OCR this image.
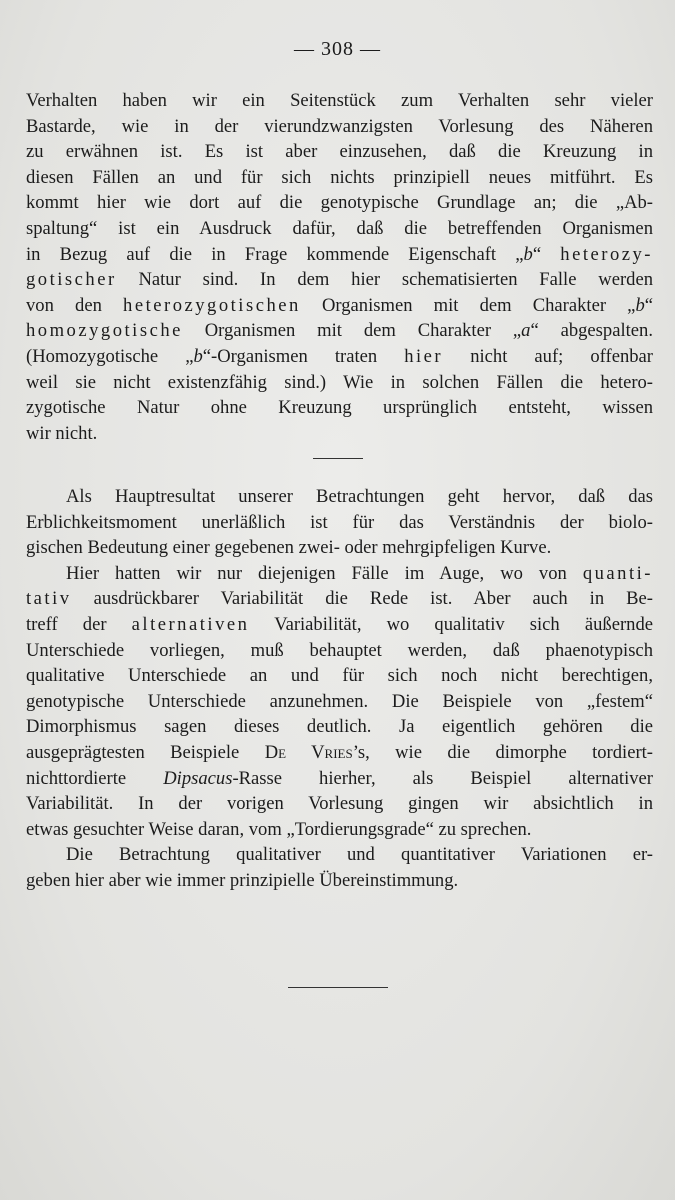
— 308 —
Verhalten haben wir ein Seitenstück zum Verhalten sehr vieler
Bastarde, wie in der vierundzwanzigsten Vorlesung des Näheren
zu erwähnen ist. Es ist aber einzusehen, daß die Kreuzung in
diesen Fällen an und für sich nichts prinzipiell neues mitführt. Es
kommt hier wie dort auf die genotypische Grundlage an; die „Ab-
spaltung“ ist ein Ausdruck dafür, daß die betreffenden Organismen
in Bezug auf die in Frage kommende Eigenschaft „b“ heterozy-
gotischer Natur sind. In dem hier schematisierten Falle werden
von den heterozygotischen Organismen mit dem Charakter „b“
homozygotische Organismen mit dem Charakter „a“ abgespalten.
(Homozygotische „b“-Organismen traten hier nicht auf; offenbar
weil sie nicht existenzfähig sind.) Wie in solchen Fällen die hetero-
zygotische Natur ohne Kreuzung ursprünglich entsteht, wissen
wir nicht.
Als Hauptresultat unserer Betrachtungen geht hervor, daß das
Erblichkeitsmoment unerläßlich ist für das Verständnis der biolo-
gischen Bedeutung einer gegebenen zwei- oder mehrgipfeligen Kurve.
Hier hatten wir nur diejenigen Fälle im Auge, wo von quanti-
tativ ausdrückbarer Variabilität die Rede ist. Aber auch in Be-
treff der alternativen Variabilität, wo qualitativ sich äußernde
Unterschiede vorliegen, muß behauptet werden, daß phaenotypisch
qualitative Unterschiede an und für sich noch nicht berechtigen,
genotypische Unterschiede anzunehmen. Die Beispiele von „festem“
Dimorphismus sagen dieses deutlich. Ja eigentlich gehören die
ausgeprägtesten Beispiele De Vries’s, wie die dimorphe tordiert-
nichttordierte Dipsacus-Rasse hierher, als Beispiel alternativer
Variabilität. In der vorigen Vorlesung gingen wir absichtlich in
etwas gesuchter Weise daran, vom „Tordierungsgrade“ zu sprechen.
Die Betrachtung qualitativer und quantitativer Variationen er-
geben hier aber wie immer prinzipielle Übereinstimmung.
